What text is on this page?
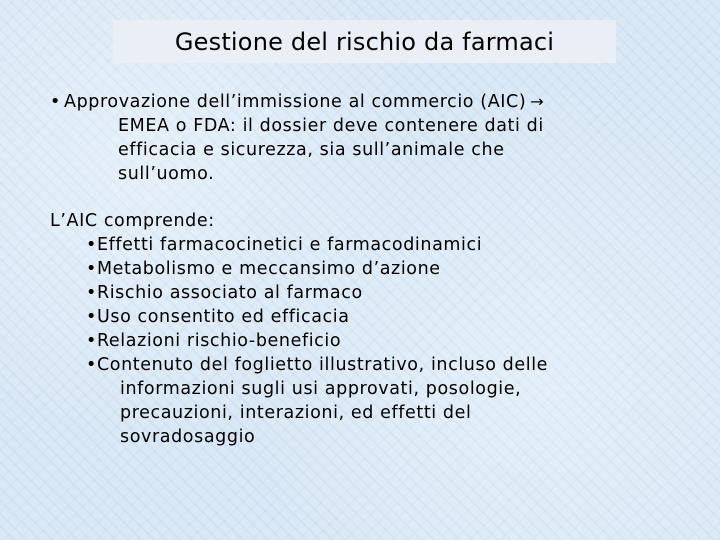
Gestione del rischio da farmaci
• Approvazione dell’immissione al commercio (AIC) →
EMEA o FDA: il dossier deve contenere dati di
efficacia e sicurezza, sia sull’animale che
sull’uomo.
L’AIC comprende:
•Effetti farmacocinetici e farmacodinamici
•Metabolismo e meccansimo d’azione
•Rischio associato al farmaco
•Uso consentito ed efficacia
•Relazioni rischio-beneficio
•Contenuto del foglietto illustrativo, incluso delle
informazioni sugli usi approvati, posologie,
precauzioni, interazioni, ed effetti del
sovradosaggio
